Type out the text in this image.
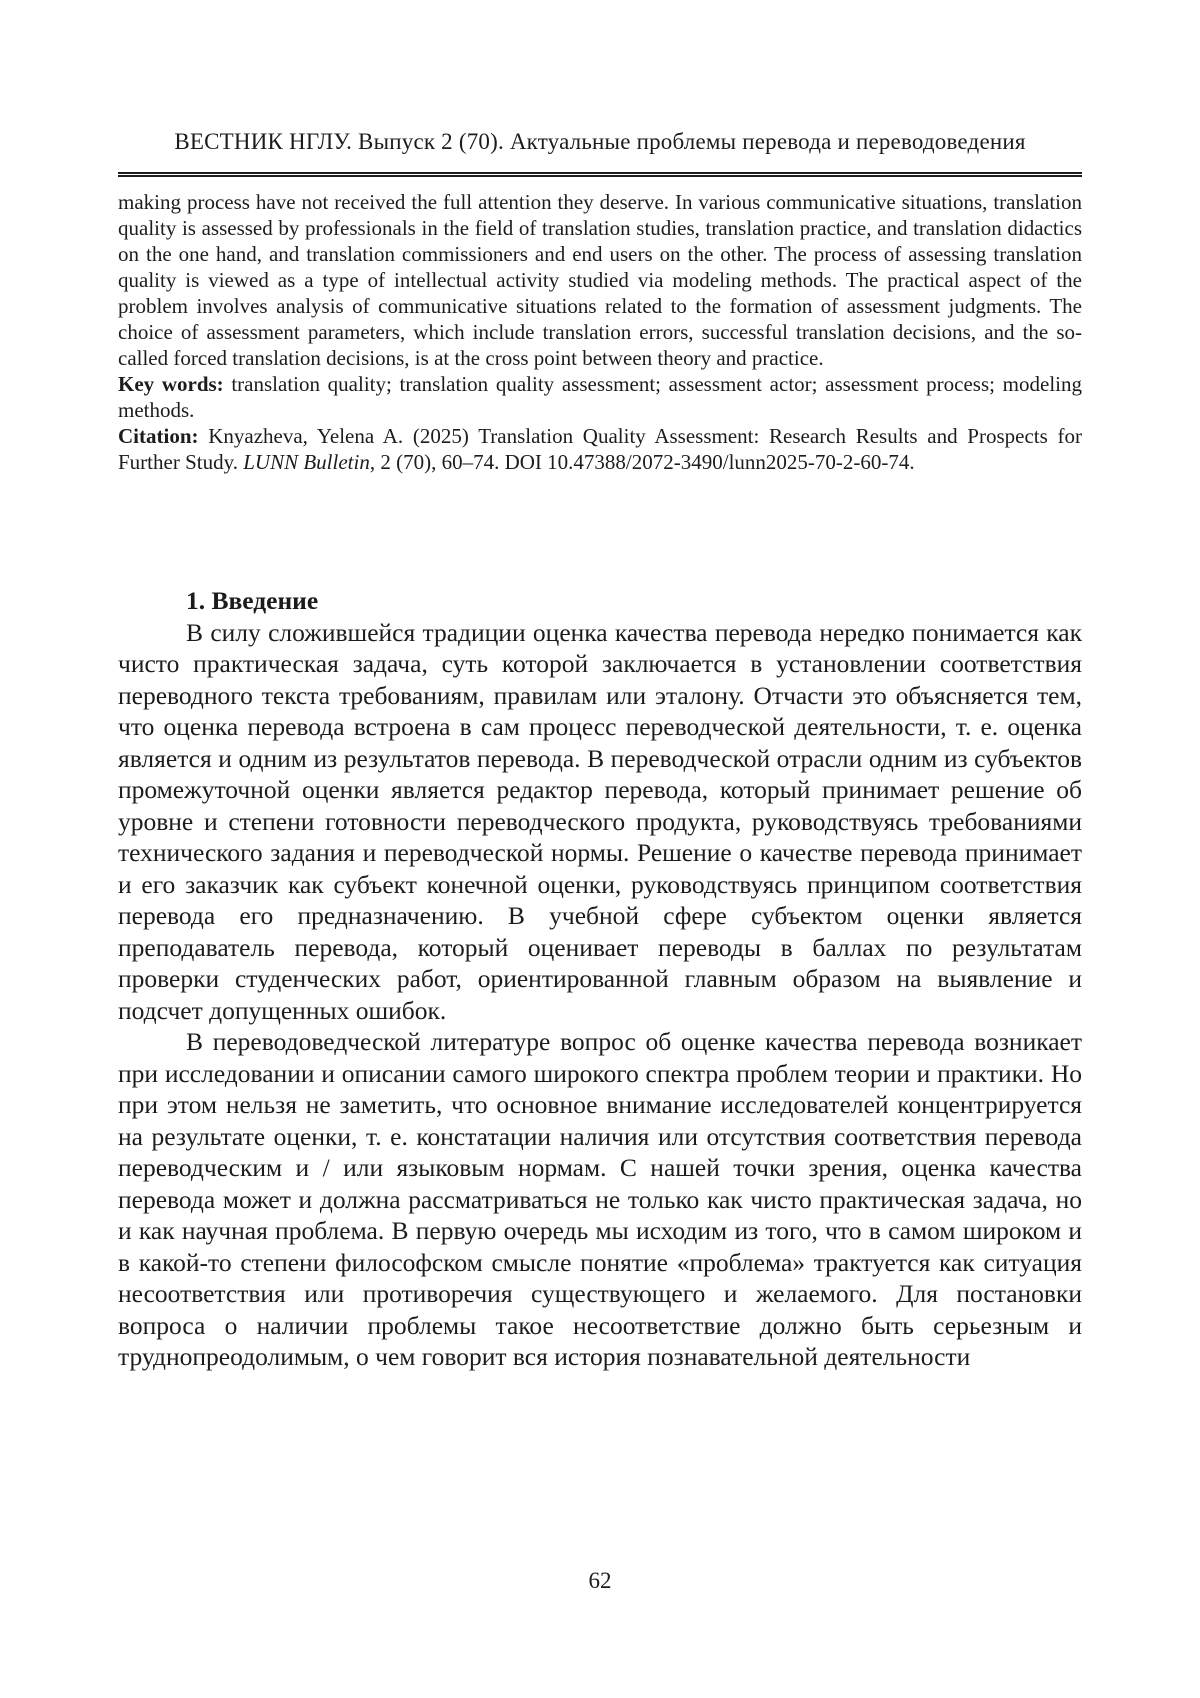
ВЕСТНИК НГЛУ. Выпуск 2 (70). Актуальные проблемы перевода и переводоведения

making process have not received the full attention they deserve. In various communicative situations, translation quality is assessed by professionals in the field of translation studies, translation practice, and translation didactics on the one hand, and translation commissioners and end users on the other. The process of assessing translation quality is viewed as a type of intellectual activity studied via modeling methods. The practical aspect of the problem involves analysis of communicative situations related to the formation of assessment judgments. The choice of assessment parameters, which include translation errors, successful translation decisions, and the so-called forced translation decisions, is at the cross point between theory and practice.

Key words: translation quality; translation quality assessment; assessment actor; assessment process; modeling methods.

Citation: Knyazheva, Yelena A. (2025) Translation Quality Assessment: Research Results and Prospects for Further Study. LUNN Bulletin, 2 (70), 60–74. DOI 10.47388/2072-3490/lunn2025-70-2-60-74.

1. Введение

В силу сложившейся традиции оценка качества перевода нередко понимается как чисто практическая задача, суть которой заключается в установлении соответствия переводного текста требованиям, правилам или эталону. Отчасти это объясняется тем, что оценка перевода встроена в сам процесс переводческой деятельности, т. е. оценка является и одним из результатов перевода. В переводческой отрасли одним из субъектов промежуточной оценки является редактор перевода, который принимает решение об уровне и степени готовности переводческого продукта, руководствуясь требованиями технического задания и переводческой нормы. Решение о качестве перевода принимает и его заказчик как субъект конечной оценки, руководствуясь принципом соответствия перевода его предназначению. В учебной сфере субъектом оценки является преподаватель перевода, который оценивает переводы в баллах по результатам проверки студенческих работ, ориентированной главным образом на выявление и подсчет допущенных ошибок.

В переводоведческой литературе вопрос об оценке качества перевода возникает при исследовании и описании самого широкого спектра проблем теории и практики. Но при этом нельзя не заметить, что основное внимание исследователей концентрируется на результате оценки, т. е. констатации наличия или отсутствия соответствия перевода переводческим и / или языковым нормам. С нашей точки зрения, оценка качества перевода может и должна рассматриваться не только как чисто практическая задача, но и как научная проблема. В первую очередь мы исходим из того, что в самом широком и в какой-то степени философском смысле понятие «проблема» трактуется как ситуация несоответствия или противоречия существующего и желаемого. Для постановки вопроса о наличии проблемы такое несоответствие должно быть серьезным и труднопреодолимым, о чем говорит вся история познавательной деятельности

62
